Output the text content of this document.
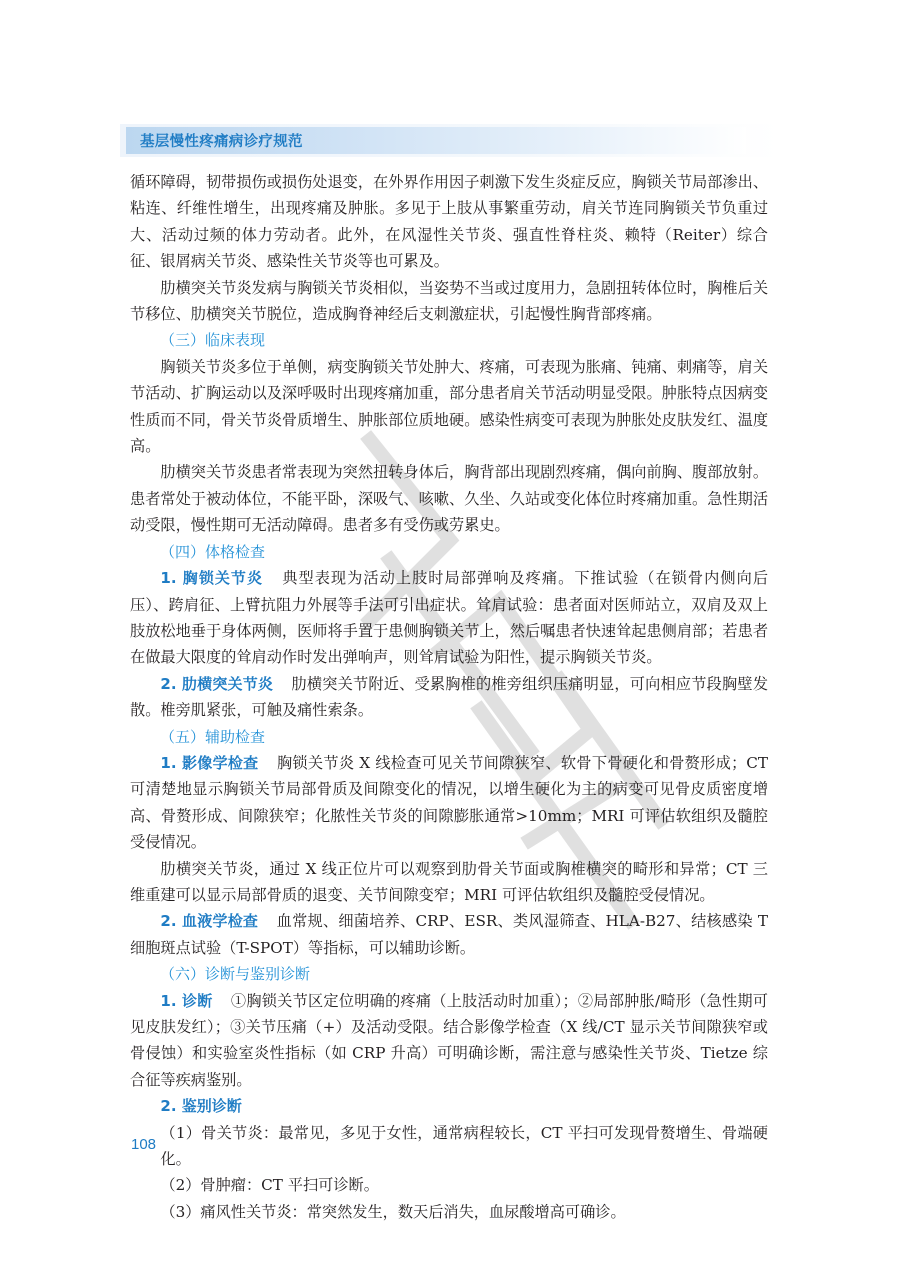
基层慢性疼痛病诊疗规范

循环障碍，韧带损伤或损伤处退变，在外界作用因子刺激下发生炎症反应，胸锁关节局部渗出、粘连、纤维性增生，出现疼痛及肿胀。多见于上肢从事繁重劳动，肩关节连同胸锁关节负重过大、活动过频的体力劳动者。此外，在风湿性关节炎、强直性脊柱炎、赖特（Reiter）综合征、银屑病关节炎、感染性关节炎等也可累及。

肋横突关节炎发病与胸锁关节炎相似，当姿势不当或过度用力，急剧扭转体位时，胸椎后关节移位、肋横突关节脱位，造成胸脊神经后支刺激症状，引起慢性胸背部疼痛。

（三）临床表现

胸锁关节炎多位于单侧，病变胸锁关节处肿大、疼痛，可表现为胀痛、钝痛、刺痛等，肩关节活动、扩胸运动以及深呼吸时出现疼痛加重，部分患者肩关节活动明显受限。肿胀特点因病变性质而不同，骨关节炎骨质增生、肿胀部位质地硬。感染性病变可表现为肿胀处皮肤发红、温度高。

肋横突关节炎患者常表现为突然扭转身体后，胸背部出现剧烈疼痛，偶向前胸、腹部放射。患者常处于被动体位，不能平卧，深吸气、咳嗽、久坐、久站或变化体位时疼痛加重。急性期活动受限，慢性期可无活动障碍。患者多有受伤或劳累史。

（四）体格检查

1. 胸锁关节炎 典型表现为活动上肢时局部弹响及疼痛。下推试验（在锁骨内侧向后压）、跨肩征、上臂抗阻力外展等手法可引出症状。耸肩试验：患者面对医师站立，双肩及双上肢放松地垂于身体两侧，医师将手置于患侧胸锁关节上，然后嘱患者快速耸起患侧肩部；若患者在做最大限度的耸肩动作时发出弹响声，则耸肩试验为阳性，提示胸锁关节炎。

2. 肋横突关节炎 肋横突关节附近、受累胸椎的椎旁组织压痛明显，可向相应节段胸壁发散。椎旁肌紧张，可触及痛性索条。

（五）辅助检查

1. 影像学检查 胸锁关节炎 X 线检查可见关节间隙狭窄、软骨下骨硬化和骨赘形成；CT 可清楚地显示胸锁关节局部骨质及间隙变化的情况，以增生硬化为主的病变可见骨皮质密度增高、骨赘形成、间隙狭窄；化脓性关节炎的间隙膨胀通常>10mm；MRI 可评估软组织及髓腔受侵情况。

肋横突关节炎，通过 X 线正位片可以观察到肋骨关节面或胸椎横突的畸形和异常；CT 三维重建可以显示局部骨质的退变、关节间隙变窄；MRI 可评估软组织及髓腔受侵情况。

2. 血液学检查 血常规、细菌培养、CRP、ESR、类风湿筛查、HLA-B27、结核感染 T 细胞斑点试验（T-SPOT）等指标，可以辅助诊断。

（六）诊断与鉴别诊断

1. 诊断 ①胸锁关节区定位明确的疼痛（上肢活动时加重）；②局部肿胀/畸形（急性期可见皮肤发红）；③关节压痛（+）及活动受限。结合影像学检查（X 线/CT 显示关节间隙狭窄或骨侵蚀）和实验室炎性指标（如 CRP 升高）可明确诊断，需注意与感染性关节炎、Tietze 综合征等疾病鉴别。

2. 鉴别诊断

（1）骨关节炎：最常见，多见于女性，通常病程较长，CT 平扫可发现骨赘增生、骨端硬化。

（2）骨肿瘤：CT 平扫可诊断。

（3）痛风性关节炎：常突然发生，数天后消失，血尿酸增高可确诊。

108
